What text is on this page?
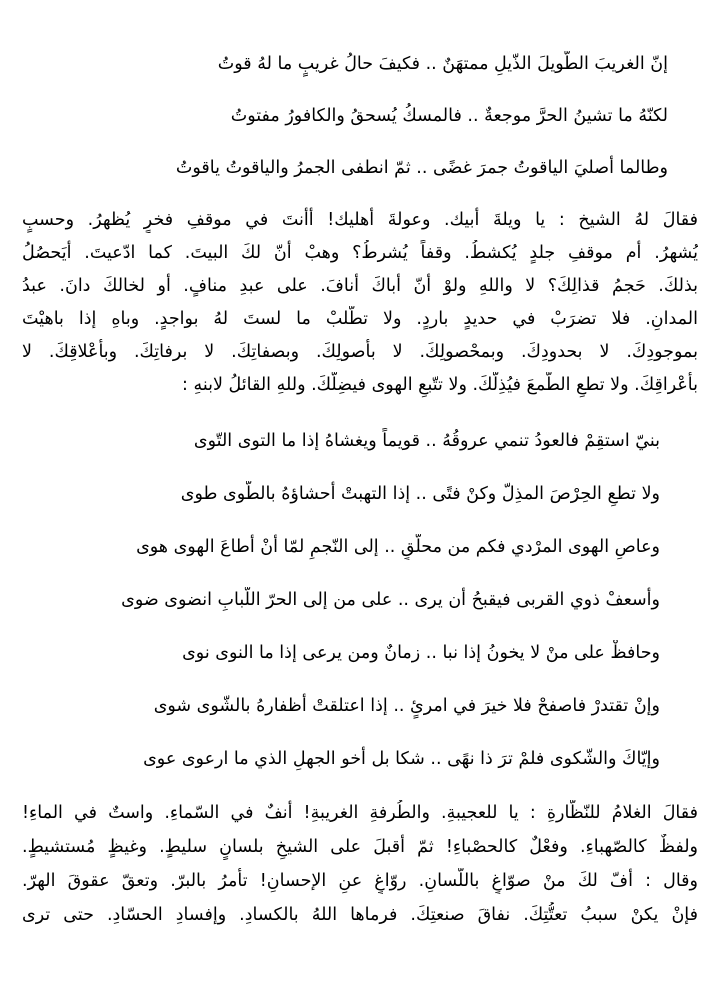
إنّ الغريبَ الطّويلَ الذّيلِ ممتهَنٌ .. فكيفَ حالُ غريبٍ ما لهُ قوتُ

لكنّهُ ما تشينُ الحرَّ موجعةٌ .. فالمسكُ يُسحقُ والكافورُ مفتوتُ

وطالما أُصليَ الياقوتُ جمرَ غضًى .. ثمّ انطفى الجمرُ والياقوتُ ياقوتُ

فقالَ لهُ الشيخ : يا ويلةَ أبيك. وعولةَ أهليك! أأنتَ في موقفِ فخرٍ يُظهرُ. وحسبٍ

يُشهرُ. أم موقفِ جلدٍ يُكشطُ. وقفاً يُشرطُ؟ وهبْ أنّ لكَ البيتَ. كما ادّعيتَ. أيَحصُلُ

بذلكَ. حَجمُ قذالِكَ؟ لا واللهِ ولوْ أنّ أباكَ أنافَ. على عبدِ منافٍ. أو لخالكَ دانَ. عبدُ

المدانِ. فلا تضرَبْ في حديدٍ باردٍ. ولا تطّلبْ ما لستَ لهُ بواجدٍ. وباهِ إذا باهيْتَ

بموجودِكَ. لا بحدودِكَ. وبمحْصولِكَ. لا بأصولِكَ. وبصفاتِكَ. لا برفاتِكَ. وبأعْلاقِكَ. لا

بأعْراقِكَ. ولا تطعِ الطّمعَ فيُذِلّكَ. ولا تتّبعِ الهوى فيضِلّكَ. وللهِ القائلُ لابنهِ :

بنيّ استقِمْ فالعودُ تنمي عروقُهُ .. قويماً ويغشاهُ إذا ما التوى التّوى

ولا تطعِ الحِرْصَ المذِلّ وكنْ فتًى .. إذا التهبتْ أحشاؤهُ بالطّوى طوى

وعاصِ الهوى المرْدي فكم من محلّقٍ .. إلى النّجمِ لمّا أنْ أطاعَ الهوى هوى

وأسعفْ ذوي القربى فيقبحُ أن يرى .. على من إلى الحرّ اللّبابِ انضوى ضوى

وحافظْ على منْ لا يخونُ إذا نبا .. زمانٌ ومن يرعى إذا ما النوى نوى

وإنْ تقتدرْ فاصفحْ فلا خيرَ في امرئٍ .. إذا اعتلقتْ أظفارهُ بالشّوى شوى

وإيّاكَ والشّكوى فلمْ ترَ ذا نهًى .. شكا بل أخو الجهلِ الذي ما ارعوى عوى

فقالَ الغلامُ للنّظّارةِ : يا للعجيبةِ. والطُرفةِ الغريبةِ! أنفٌ في السّماءِ. واستٌ في الماءِ!

ولفظٌ كالصّهباءِ. وفعْلٌ كالحصْباءِ! ثمّ أقبلَ على الشيخِ بلسانٍ سليطٍ. وغيظٍ مُستشيطٍ.

وقال : أفّ لكَ منْ صوّاغٍ باللّسانِ. روّاغٍ عنِ الإحسانِ! تأمرُ بالبرّ. وتعقّ عقوقَ الهرّ.

فإنْ يكنْ سببُ تعتُّتِكَ. نفاقَ صنعتِكَ. فرماها اللهُ بالكسادِ. وإفسادِ الحسّادِ. حتى ترى
